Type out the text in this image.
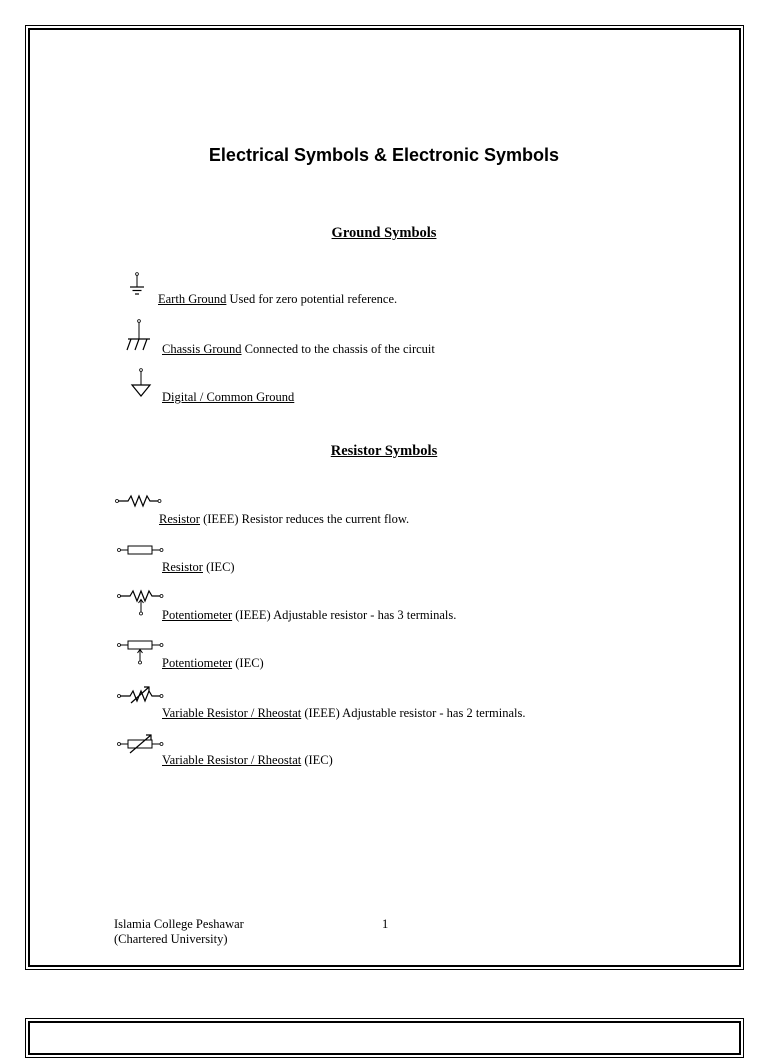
Electrical Symbols & Electronic Symbols
Ground Symbols
Earth Ground Used for zero potential reference.
Chassis Ground Connected to the chassis of the circuit
Digital / Common Ground
Resistor Symbols
Resistor (IEEE) Resistor reduces the current flow.
Resistor (IEC)
Potentiometer (IEEE) Adjustable resistor - has 3 terminals.
Potentiometer (IEC)
Variable Resistor / Rheostat (IEEE) Adjustable resistor - has 2 terminals.
Variable Resistor / Rheostat (IEC)
Islamia College Peshawar
(Chartered University)
1
